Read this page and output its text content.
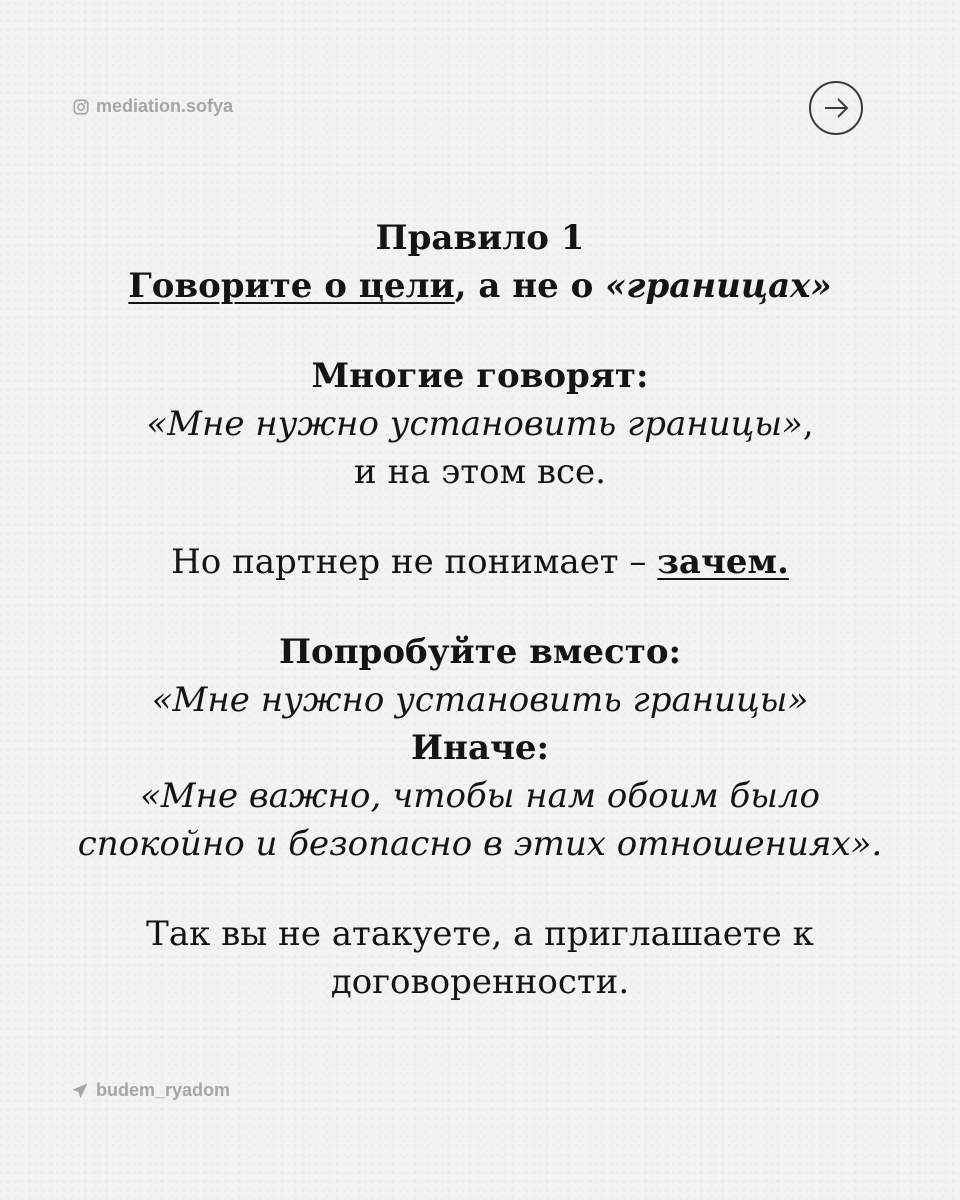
mediation.sofya

Правило 1

Говорите о цели, а не о «границах»

Многие говорят:

«Мне нужно установить границы»,

и на этом все.

Но партнер не понимает – зачем.

Попробуйте вместо:

«Мне нужно установить границы»

Иначе:

«Мне важно, чтобы нам обоим было

спокойно и безопасно в этих отношениях».

Так вы не атакуете, а приглашаете к

договоренности.

budem_ryadom
